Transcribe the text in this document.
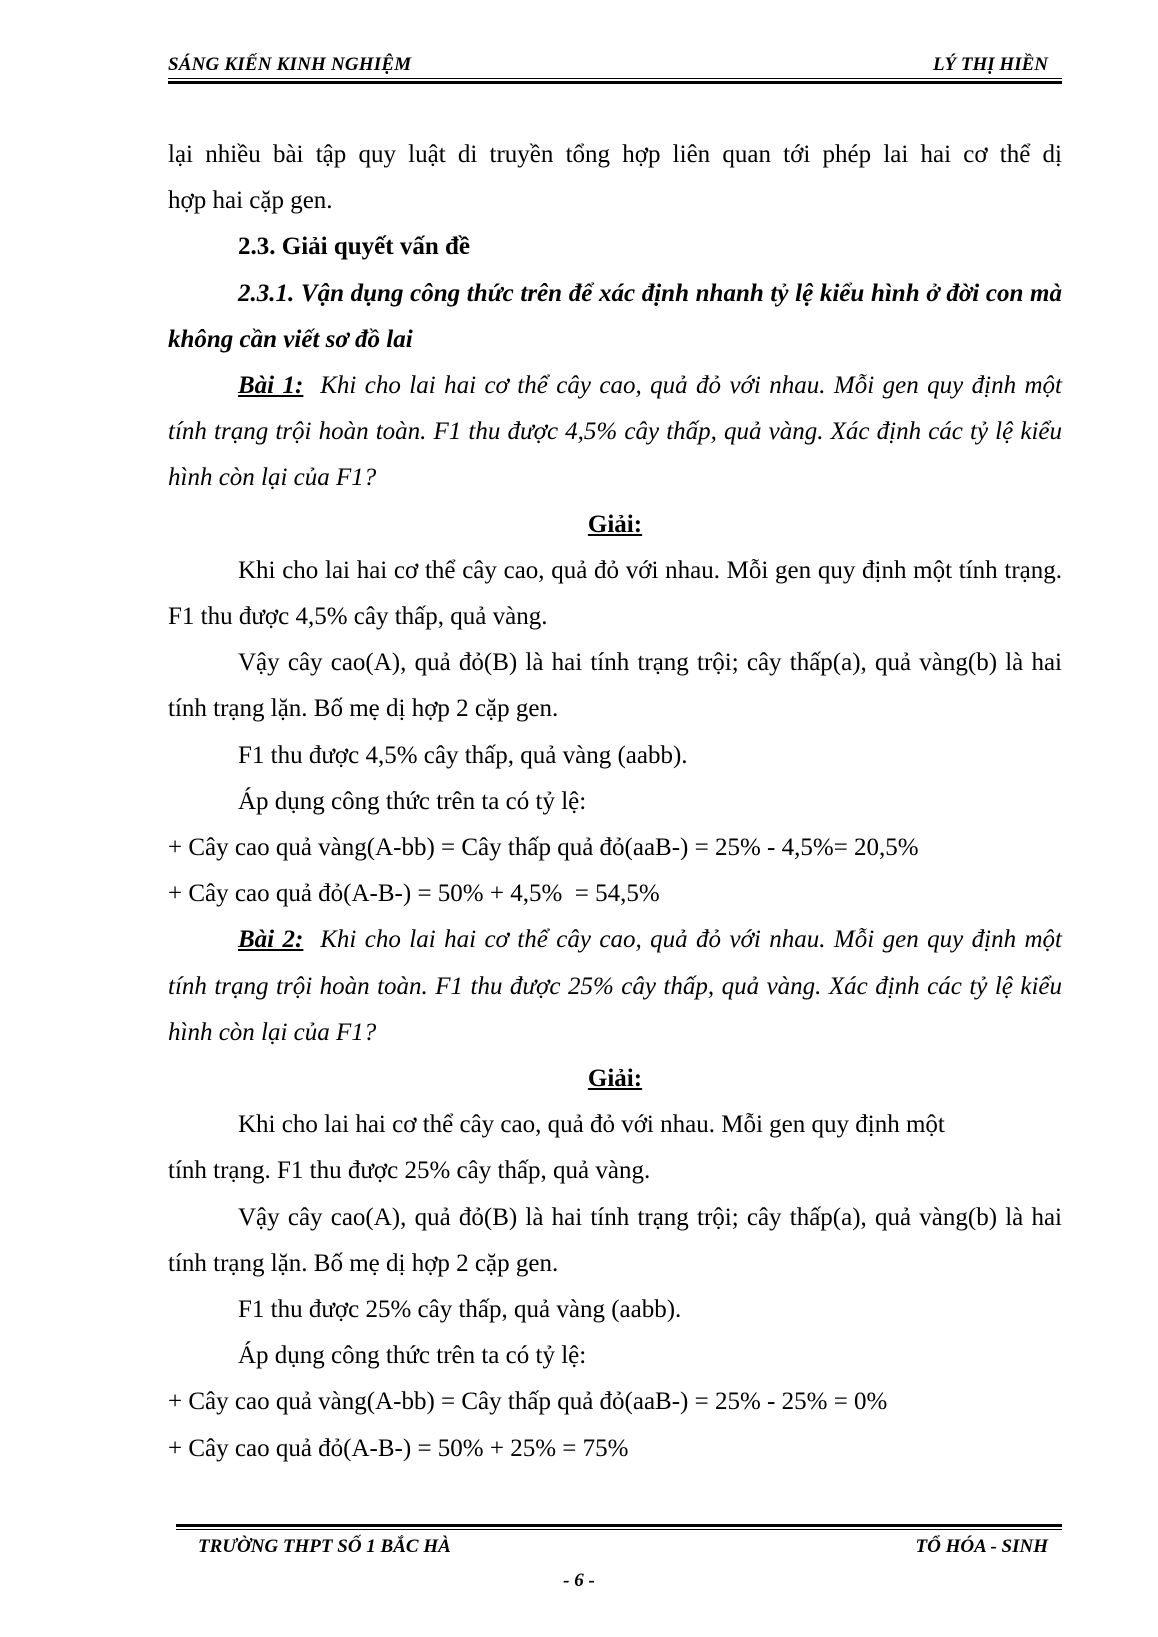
SÁNG KIẾN KINH NGHIỆM	LÝ THỊ HIỀN

lại nhiều bài tập quy luật di truyền tổng hợp liên quan tới phép lai hai cơ thể dị

hợp hai cặp gen.

2.3. Giải quyết vấn đề

2.3.1. Vận dụng công thức trên để xác định nhanh tỷ lệ kiểu hình ở đời con mà không cần viết sơ đồ lai

Bài 1: Khi cho lai hai cơ thể cây cao, quả đỏ với nhau. Mỗi gen quy định một tính trạng trội hoàn toàn. F1 thu được 4,5% cây thấp, quả vàng. Xác định các tỷ lệ kiểu hình còn lại của F1?

Giải:

Khi cho lai hai cơ thể cây cao, quả đỏ với nhau. Mỗi gen quy định một tính trạng. F1 thu được 4,5% cây thấp, quả vàng.

Vậy cây cao(A), quả đỏ(B) là hai tính trạng trội; cây thấp(a), quả vàng(b) là hai tính trạng lặn. Bố mẹ dị hợp 2 cặp gen.

F1 thu được 4,5% cây thấp, quả vàng (aabb).

Áp dụng công thức trên ta có tỷ lệ:

+ Cây cao quả vàng(A-bb) = Cây thấp quả đỏ(aaB-) = 25% - 4,5%= 20,5%

+ Cây cao quả đỏ(A-B-) = 50% + 4,5%  = 54,5%

Bài 2: Khi cho lai hai cơ thể cây cao, quả đỏ với nhau. Mỗi gen quy định một tính trạng trội hoàn toàn. F1 thu được 25% cây thấp, quả vàng. Xác định các tỷ lệ kiểu hình còn lại của F1?

Giải:

Khi cho lai hai cơ thể cây cao, quả đỏ với nhau. Mỗi gen quy định một

tính trạng. F1 thu được 25% cây thấp, quả vàng.

Vậy cây cao(A), quả đỏ(B) là hai tính trạng trội; cây thấp(a), quả vàng(b) là hai tính trạng lặn. Bố mẹ dị hợp 2 cặp gen.

F1 thu được 25% cây thấp, quả vàng (aabb).

Áp dụng công thức trên ta có tỷ lệ:

+ Cây cao quả vàng(A-bb) = Cây thấp quả đỏ(aaB-) = 25% - 25% = 0%

+ Cây cao quả đỏ(A-B-) = 50% + 25% = 75%

TRƯỜNG THPT SỐ 1 BẮC HÀ	TỔ HÓA - SINH
- 6 -
